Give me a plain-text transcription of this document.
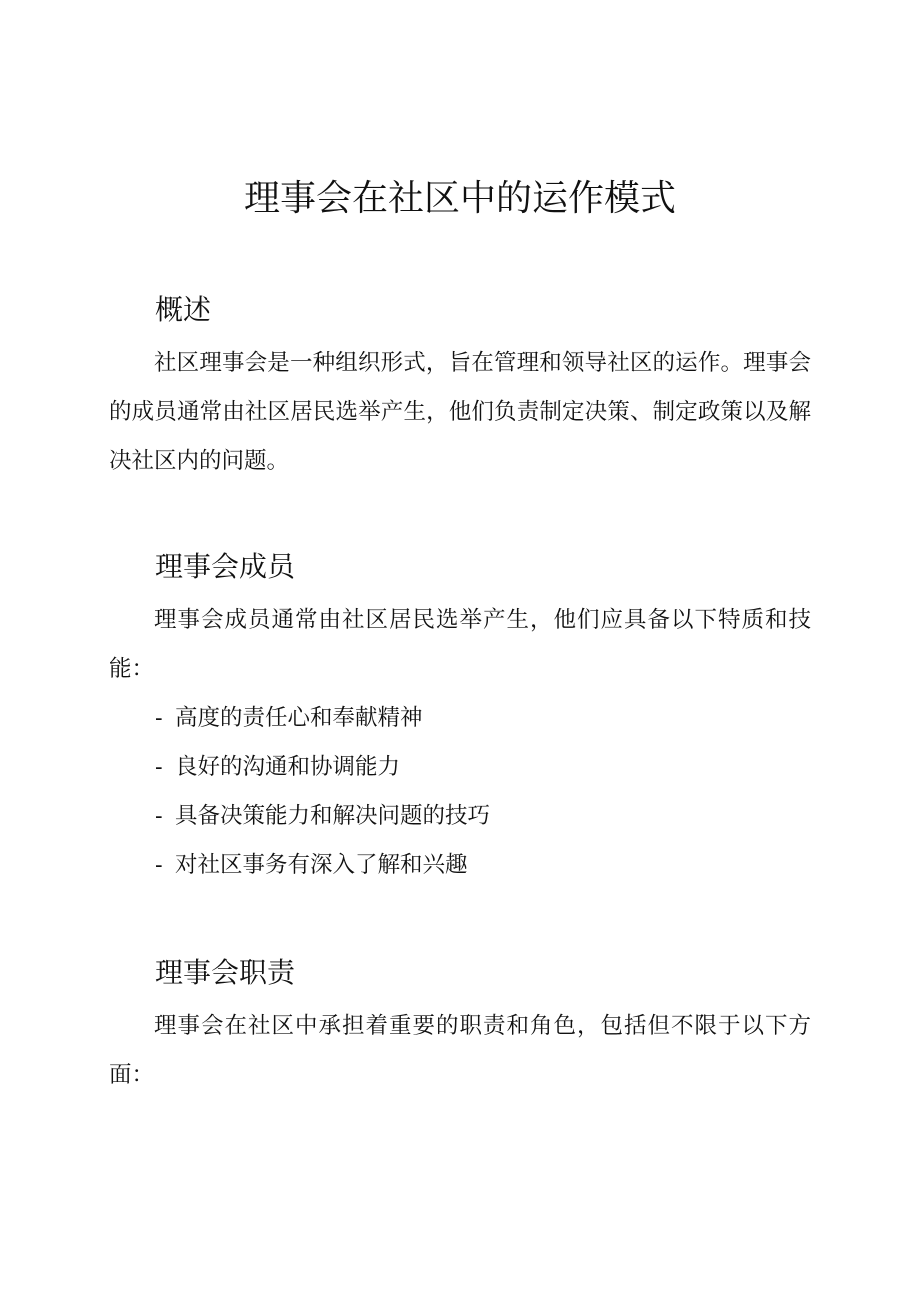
理事会在社区中的运作模式
概述

社区理事会是一种组织形式，旨在管理和领导社区的运作。理事会的成员通常由社区居民选举产生，他们负责制定决策、制定政策以及解决社区内的问题。

理事会成员

理事会成员通常由社区居民选举产生，他们应具备以下特质和技能：

- 高度的责任心和奉献精神
- 良好的沟通和协调能力
- 具备决策能力和解决问题的技巧
- 对社区事务有深入了解和兴趣
理事会职责

理事会在社区中承担着重要的职责和角色，包括但不限于以下方面：
